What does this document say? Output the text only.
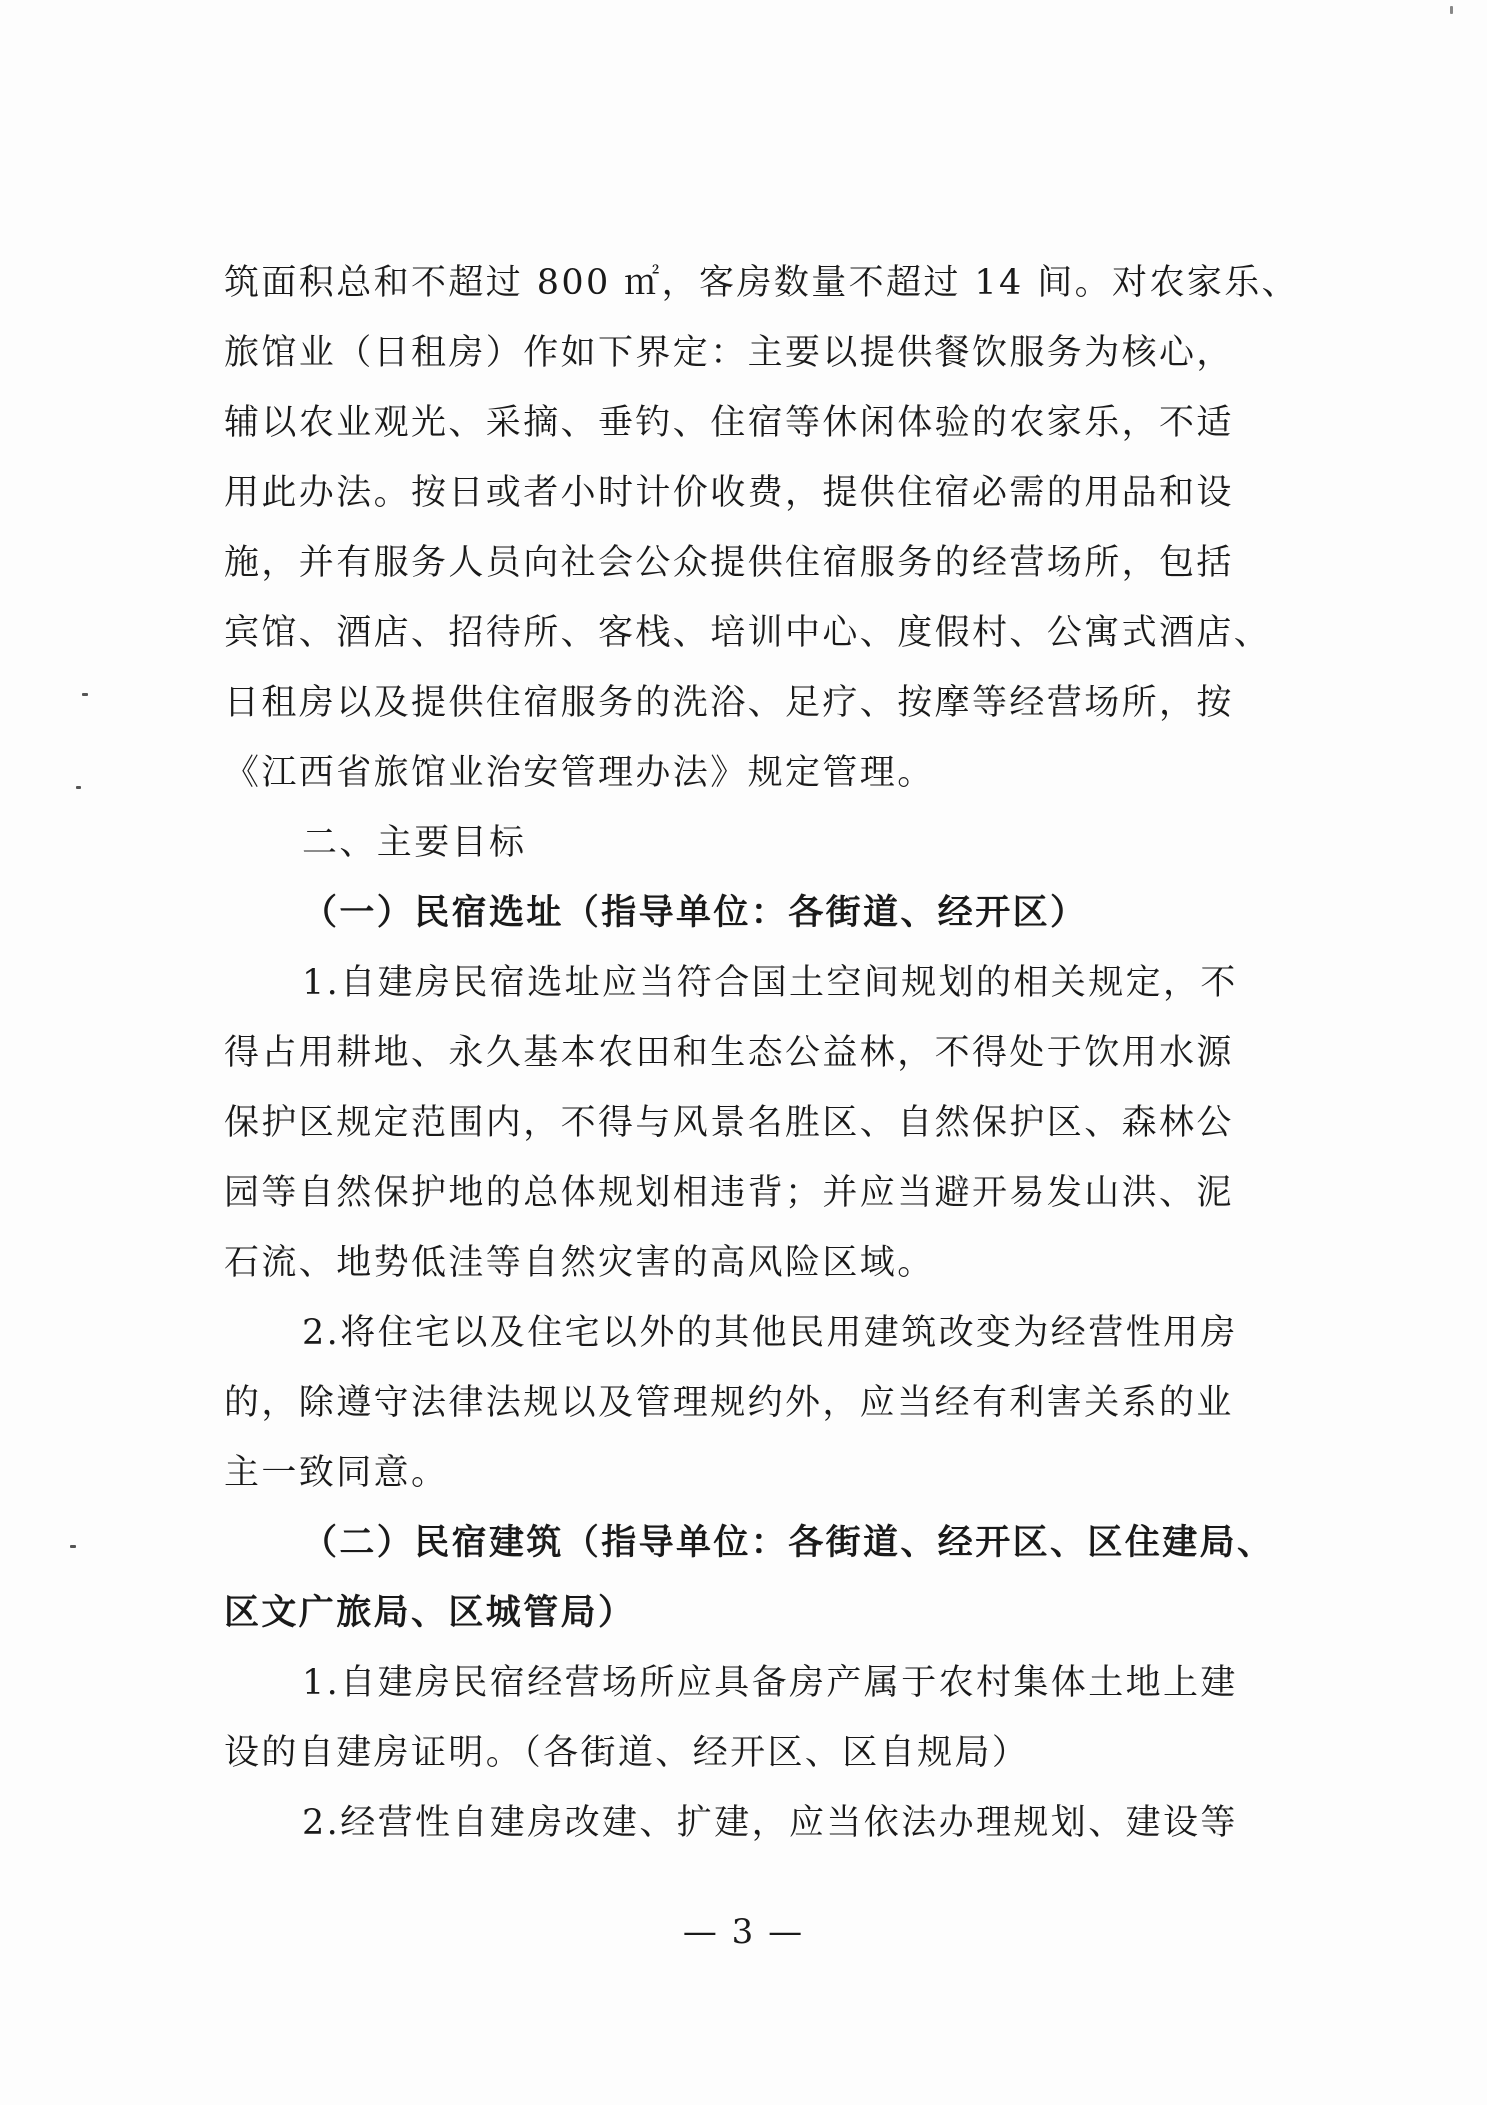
筑面积总和不超过 800 ㎡，客房数量不超过 14 间。对农家乐、
旅馆业（日租房）作如下界定：主要以提供餐饮服务为核心，
辅以农业观光、采摘、垂钓、住宿等休闲体验的农家乐，不适
用此办法。按日或者小时计价收费，提供住宿必需的用品和设
施，并有服务人员向社会公众提供住宿服务的经营场所，包括
宾馆、酒店、招待所、客栈、培训中心、度假村、公寓式酒店、
日租房以及提供住宿服务的洗浴、足疗、按摩等经营场所，按
《江西省旅馆业治安管理办法》规定管理。
二、主要目标
（一）民宿选址（指导单位：各街道、经开区）
1.自建房民宿选址应当符合国土空间规划的相关规定，不
得占用耕地、永久基本农田和生态公益林，不得处于饮用水源
保护区规定范围内，不得与风景名胜区、自然保护区、森林公
园等自然保护地的总体规划相违背；并应当避开易发山洪、泥
石流、地势低洼等自然灾害的高风险区域。
2.将住宅以及住宅以外的其他民用建筑改变为经营性用房
的，除遵守法律法规以及管理规约外，应当经有利害关系的业
主一致同意。
（二）民宿建筑（指导单位：各街道、经开区、区住建局、
区文广旅局、区城管局）
1.自建房民宿经营场所应具备房产属于农村集体土地上建
设的自建房证明。（各街道、经开区、区自规局）
2.经营性自建房改建、扩建，应当依法办理规划、建设等
— 3 —
